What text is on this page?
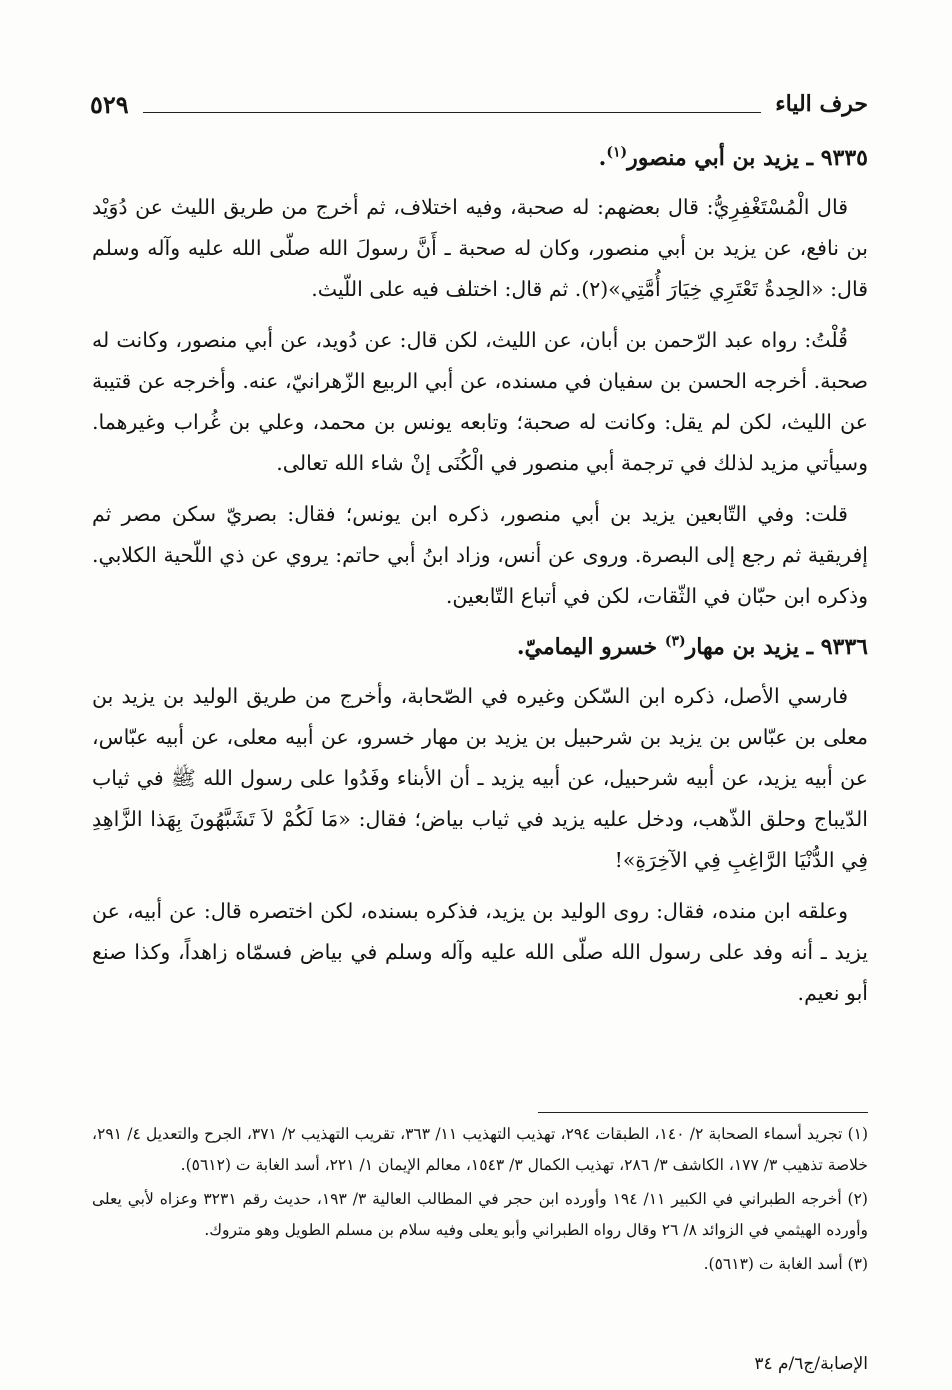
حرف الياء
٥٢٩
٩٣٣٥ ـ يزيد بن أبي منصور$^{(١)}$.

قال الْمُسْتَغْفِرِيُّ: قال بعضهم: له صحبة، وفيه اختلاف، ثم أخرج من طريق الليث عن دُوَيْد بن نافع، عن يزيد بن أبي منصور، وكان له صحبة ـ أَنَّ رسولَ الله صلّى الله عليه وآله وسلم قال: «الحِدةُ تَعْتَرِي خِيَارَ أُمَّتِي»(٢). ثم قال: اختلف فيه على اللّيث.

قُلْتُ: رواه عبد الرّحمن بن أبان، عن الليث، لكن قال: عن دُويد، عن أبي منصور، وكانت له صحبة. أخرجه الحسن بن سفيان في مسنده، عن أبي الربيع الزّهرانيّ، عنه. وأخرجه عن قتيبة عن الليث، لكن لم يقل: وكانت له صحبة؛ وتابعه يونس بن محمد، وعلي بن غُراب وغيرهما. وسيأتي مزيد لذلك في ترجمة أبي منصور في الْكُنَى إنْ شاء الله تعالى.

قلت: وفي التّابعين يزيد بن أبي منصور، ذكره ابن يونس؛ فقال: بصريّ سكن مصر ثم إفريقية ثم رجع إلى البصرة. وروى عن أنس، وزاد ابنُ أبي حاتم: يروي عن ذي اللّحية الكلابي. وذكره ابن حبّان في الثّقات، لكن في أتباع التّابعين.

٩٣٣٦ ـ يزيد بن مهار$^{(٣)}$ خسرو اليماميّ.

فارسي الأصل، ذكره ابن السّكن وغيره في الصّحابة، وأخرج من طريق الوليد بن يزيد بن معلى بن عبّاس بن يزيد بن شرحبيل بن يزيد بن مهار خسرو، عن أبيه معلى، عن أبيه عبّاس، عن أبيه يزيد، عن أبيه شرحبيل، عن أبيه يزيد ـ أن الأبناء وفَدُوا على رسول الله ﷺ في ثياب الدّيباج وحلق الذّهب، ودخل عليه يزيد في ثياب بياض؛ فقال: «مَا لَكُمْ لاَ تَشَبَّهُونَ بِهَذا الزَّاهِدِ فِي الدُّنْيَا الرَّاغِبِ فِي الآخِرَةِ»!

وعلقه ابن منده، فقال: روى الوليد بن يزيد، فذكره بسنده، لكن اختصره قال: عن أبيه، عن يزيد ـ أنه وفد على رسول الله صلّى الله عليه وآله وسلم في بياض فسمّاه زاهداً، وكذا صنع أبو نعيم.

(١) تجريد أسماء الصحابة ٢/ ١٤٠، الطبقات ٢٩٤، تهذيب التهذيب ١١/ ٣٦٣، تقريب التهذيب ٢/ ٣٧١، الجرح والتعديل ٤/ ٢٩١، خلاصة تذهيب ٣/ ١٧٧، الكاشف ٣/ ٢٨٦، تهذيب الكمال ٣/ ١٥٤٣، معالم الإيمان ١/ ٢٢١، أسد الغابة ت (٥٦١٢).
(٢) أخرجه الطبراني في الكبير ١١/ ١٩٤ وأورده ابن حجر في المطالب العالية ٣/ ١٩٣، حديث رقم ٣٢٣١ وعزاه لأبي يعلى وأورده الهيثمي في الزوائد ٨/ ٢٦ وقال رواه الطبراني وأبو يعلى وفيه سلام بن مسلم الطويل وهو متروك.
(٣) أسد الغابة ت (٥٦١٣).
الإصابة/ج٦/م ٣٤
